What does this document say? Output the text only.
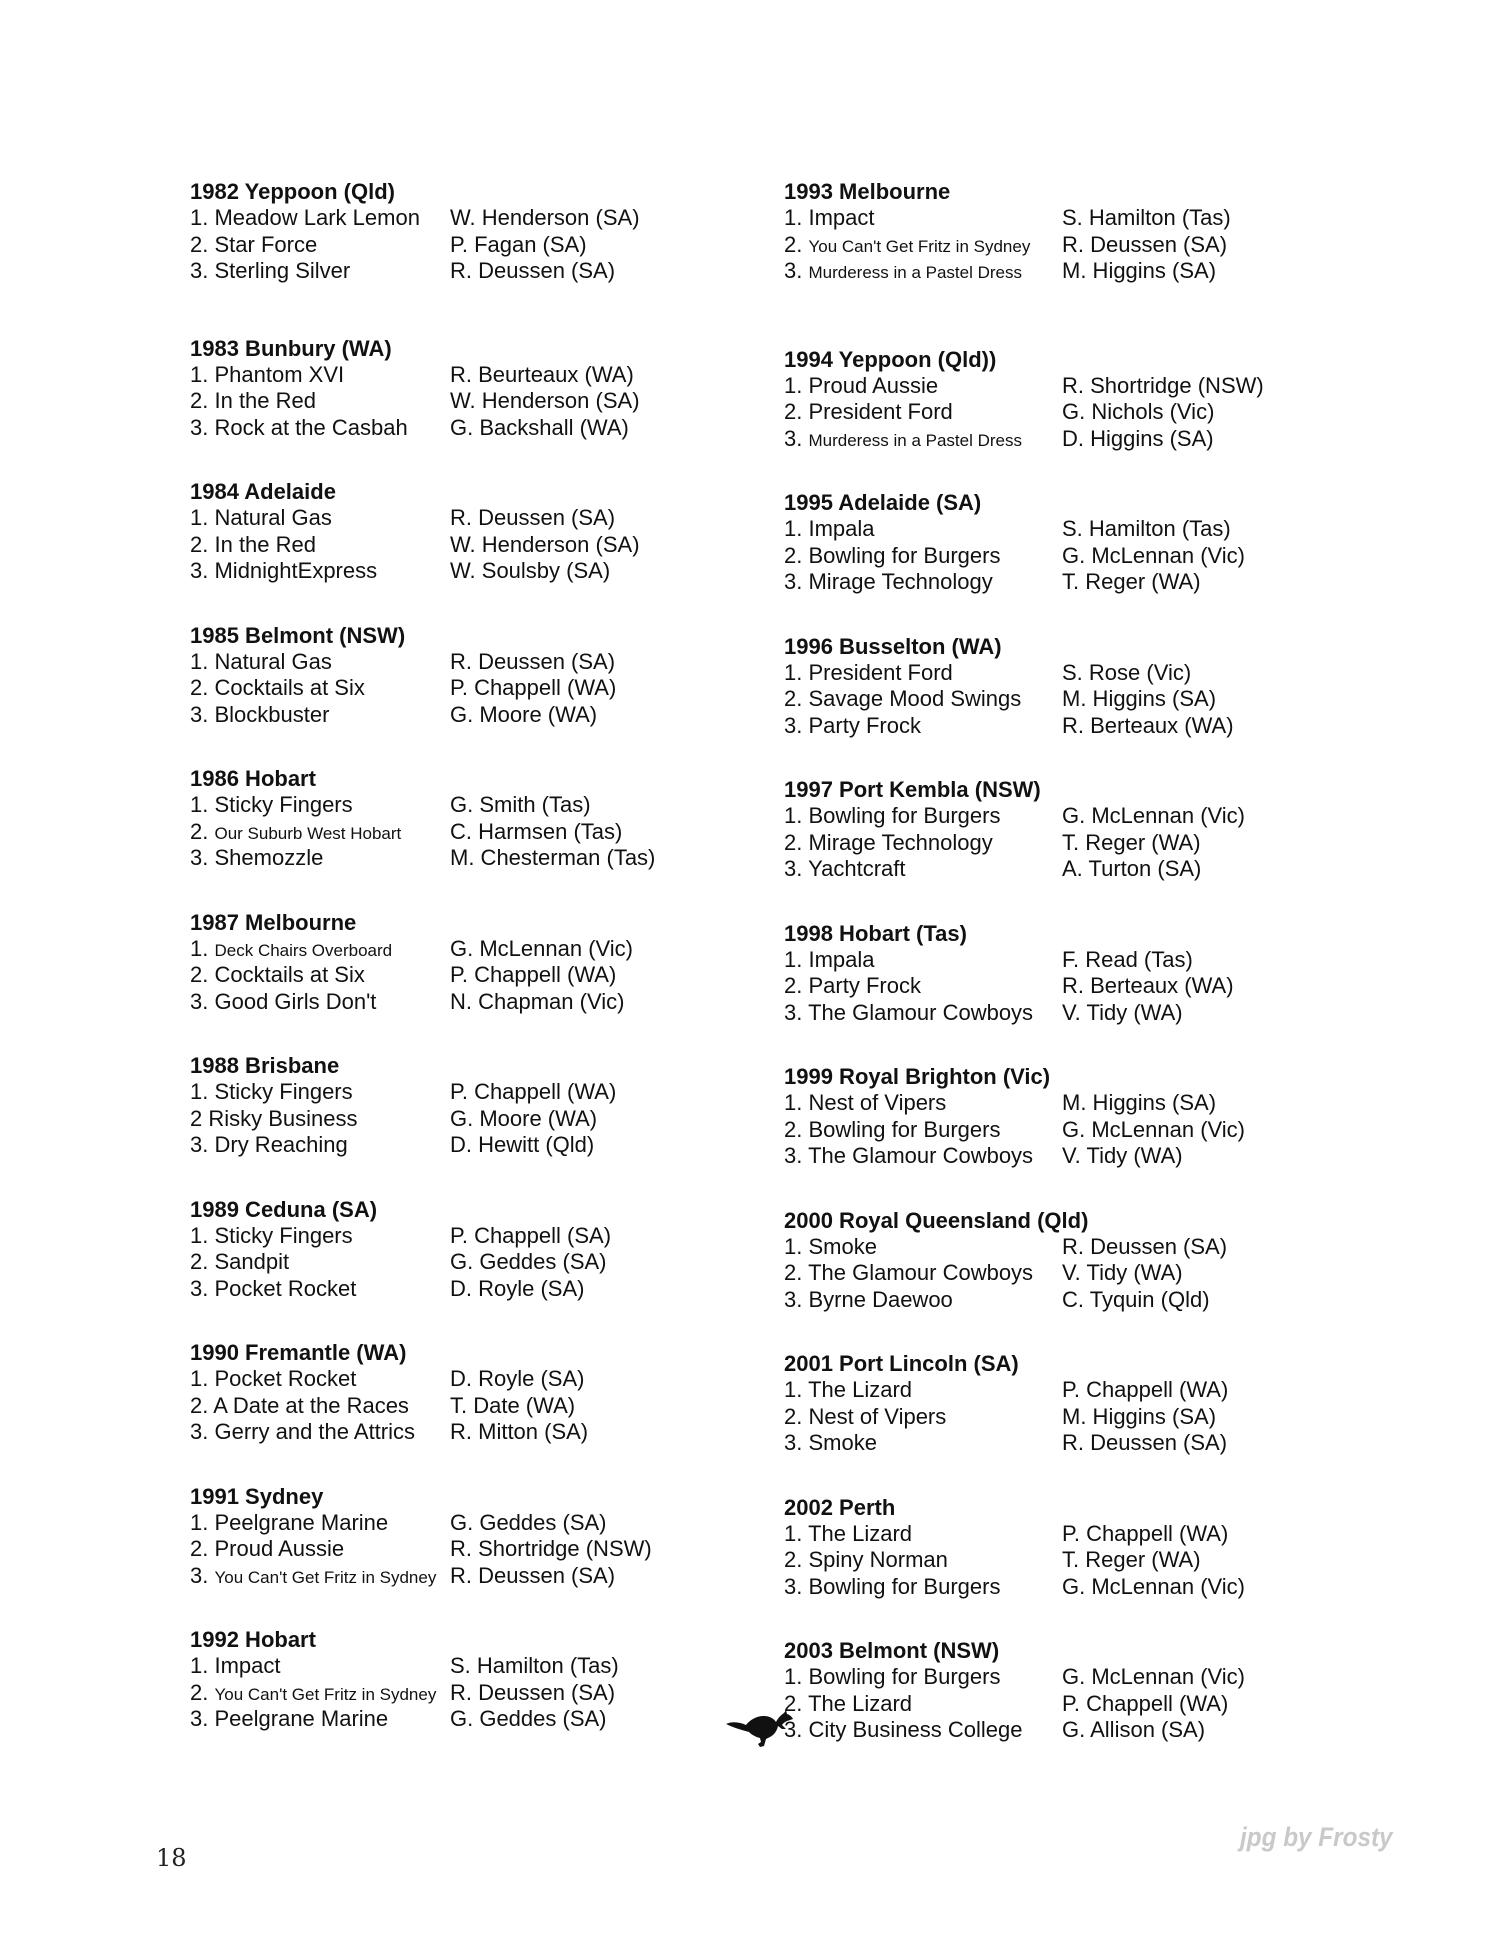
1982 Yeppoon (Qld)
1. Meadow Lark Lemon	W. Henderson (SA)
2. Star Force	P. Fagan (SA)
3. Sterling Silver	R. Deussen (SA)
1983 Bunbury (WA)
1. Phantom XVI	R. Beurteaux (WA)
2. In the Red	W. Henderson (SA)
3. Rock at the Casbah	G. Backshall (WA)
1984 Adelaide
1. Natural Gas	R. Deussen (SA)
2. In the Red	W. Henderson (SA)
3. MidnightExpress	W. Soulsby (SA)
1985 Belmont (NSW)
1. Natural Gas	R. Deussen (SA)
2. Cocktails at Six	P. Chappell (WA)
3. Blockbuster	G. Moore (WA)
1986 Hobart
1. Sticky Fingers	G. Smith (Tas)
2. Our Suburb West Hobart	C. Harmsen (Tas)
3. Shemozzle	M. Chesterman (Tas)
1987 Melbourne
1. Deck Chairs Overboard	G. McLennan (Vic)
2. Cocktails at Six	P. Chappell (WA)
3. Good Girls Don't	N. Chapman (Vic)
1988 Brisbane
1. Sticky Fingers	P. Chappell (WA)
2 Risky Business	G. Moore (WA)
3. Dry Reaching	D. Hewitt (Qld)
1989 Ceduna (SA)
1. Sticky Fingers	P. Chappell (SA)
2. Sandpit	G. Geddes (SA)
3. Pocket Rocket	D. Royle (SA)
1990 Fremantle (WA)
1. Pocket Rocket	D. Royle (SA)
2. A Date at the Races	T. Date (WA)
3. Gerry and the Attrics	R. Mitton (SA)
1991 Sydney
1. Peelgrane Marine	G. Geddes (SA)
2. Proud Aussie	R. Shortridge (NSW)
3. You Can't Get Fritz in Sydney R. Deussen (SA)
1992 Hobart
1. Impact	S. Hamilton (Tas)
2. You Can't Get Fritz in Sydney R. Deussen (SA)
3. Peelgrane Marine	G. Geddes (SA)
1993 Melbourne
1. Impact	S. Hamilton (Tas)
2. You Can't Get Fritz in Sydney	R. Deussen (SA)
3. Murderess in a Pastel Dress	M. Higgins (SA)
1994 Yeppoon (Qld))
1. Proud Aussie	R. Shortridge (NSW)
2. President Ford	G. Nichols (Vic)
3. Murderess in a Pastel Dress	D. Higgins (SA)
1995 Adelaide (SA)
1. Impala	S. Hamilton (Tas)
2. Bowling for Burgers	G. McLennan (Vic)
3. Mirage Technology	T. Reger (WA)
1996 Busselton (WA)
1. President Ford	S. Rose (Vic)
2. Savage Mood Swings	M. Higgins (SA)
3. Party Frock	R. Berteaux (WA)
1997 Port Kembla (NSW)
1. Bowling for Burgers	G. McLennan (Vic)
2. Mirage Technology	T. Reger (WA)
3. Yachtcraft	A. Turton (SA)
1998 Hobart (Tas)
1. Impala	F. Read (Tas)
2. Party Frock	R. Berteaux (WA)
3. The Glamour Cowboys	V. Tidy (WA)
1999 Royal Brighton (Vic)
1. Nest of Vipers	M. Higgins (SA)
2. Bowling for Burgers	G. McLennan (Vic)
3. The Glamour Cowboys	V. Tidy (WA)
2000 Royal Queensland (Qld)
1. Smoke	R. Deussen (SA)
2. The Glamour Cowboys	V. Tidy (WA)
3. Byrne Daewoo	C. Tyquin (Qld)
2001 Port Lincoln (SA)
1. The Lizard	P. Chappell (WA)
2. Nest of Vipers	M. Higgins (SA)
3. Smoke	R. Deussen (SA)
2002 Perth
1. The Lizard	P. Chappell (WA)
2. Spiny Norman	T. Reger (WA)
3. Bowling for Burgers	G. McLennan (Vic)
2003 Belmont (NSW)
1. Bowling for Burgers	G. McLennan (Vic)
2. The Lizard	P. Chappell (WA)
3. City Business College	G. Allison (SA)
18
jpg by Frosty
